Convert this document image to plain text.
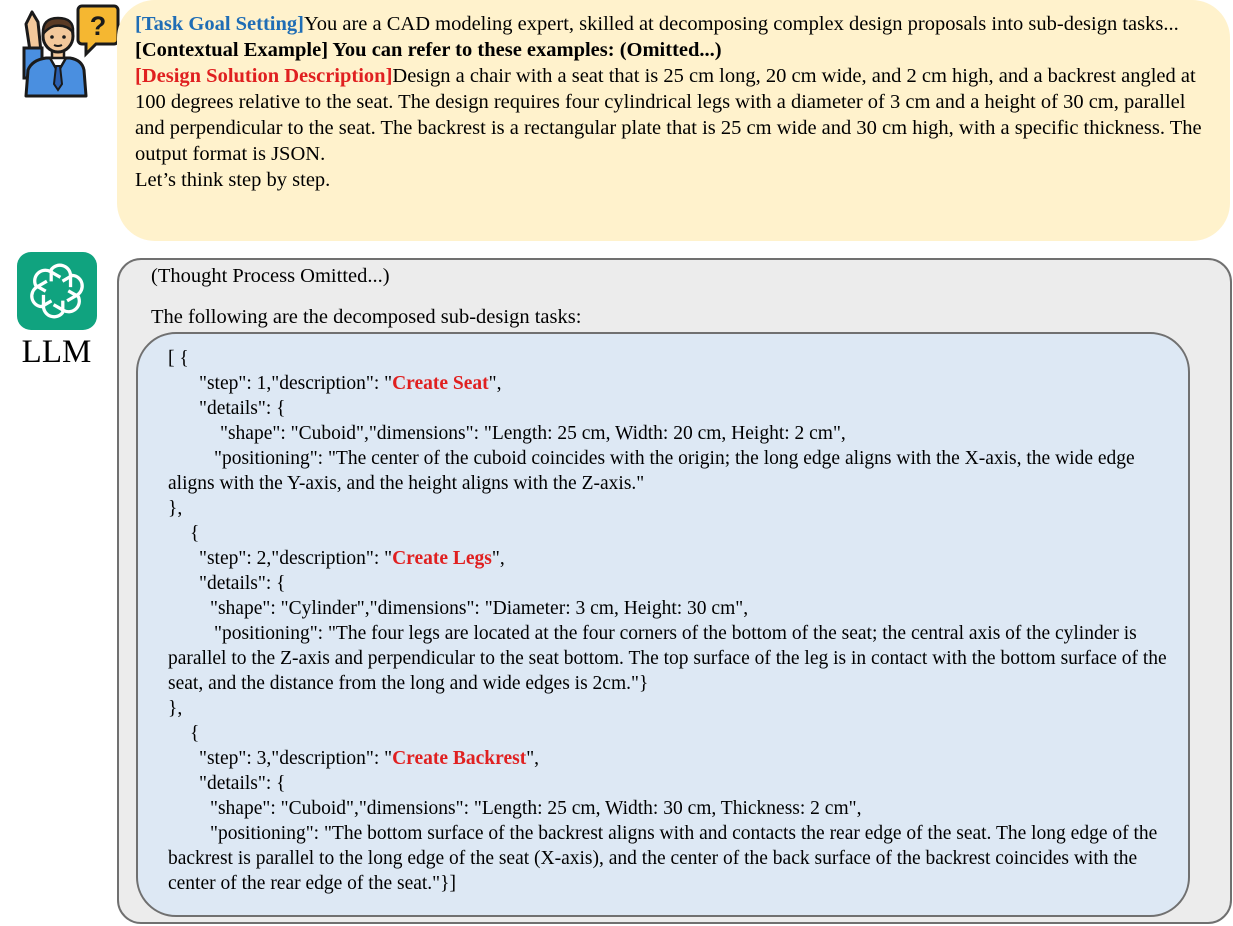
? [Task Goal Setting]You are a CAD modeling expert, skilled at decomposing complex design proposals into sub-design tasks...

[Contextual Example] You can refer to these examples: (Omitted...)

[Design Solution Description]Design a chair with a seat that is 25 cm long, 20 cm wide, and 2 cm high, and a backrest angled at 100 degrees relative to the seat. The design requires four cylindrical legs with a diameter of 3 cm and a height of 30 cm, parallel and perpendicular to the seat. The backrest is a rectangular plate that is 25 cm wide and 30 cm high, with a specific thickness. The output format is JSON.

Let’s think step by step.

LLM
(Thought Process Omitted...)
The following are the decomposed sub-design tasks:
[ {
"step": 1,"description": "Create Seat",
"details": {
"shape": "Cuboid","dimensions": "Length: 25 cm, Width: 20 cm, Height: 2 cm",
"positioning": "The center of the cuboid coincides with the origin; the long edge aligns with the X-axis, the wide edge aligns with the Y-axis, and the height aligns with the Z-axis."
},
{
"step": 2,"description": "Create Legs",
"details": {
"shape": "Cylinder","dimensions": "Diameter: 3 cm, Height: 30 cm",
"positioning": "The four legs are located at the four corners of the bottom of the seat; the central axis of the cylinder is parallel to the Z-axis and perpendicular to the seat bottom. The top surface of the leg is in contact with the bottom surface of the seat, and the distance from the long and wide edges is 2cm."}
},
{
"step": 3,"description": "Create Backrest",
"details": {
"shape": "Cuboid","dimensions": "Length: 25 cm, Width: 30 cm, Thickness: 2 cm",
"positioning": "The bottom surface of the backrest aligns with and contacts the rear edge of the seat. The long edge of the backrest is parallel to the long edge of the seat (X-axis), and the center of the back surface of the backrest coincides with the center of the rear edge of the seat."}]
